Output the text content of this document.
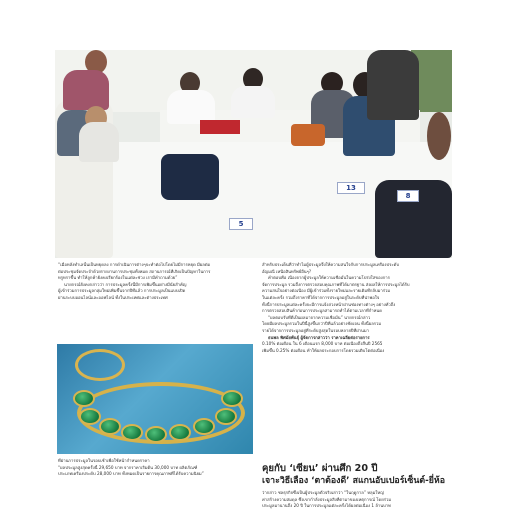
5
13
8
“เมื่อหลังทำเลนั้นเป็นหยุดลง การดำเนินการต่างๆจะทำต่อไปโดยไม่มีการหยุด มีผลต่อ
ต่อประชุมจัดประจำด้วยรายงานการประชุมทั้งหมด สถานการณ์ที่เกิดเป็นปัญหาในการ
หรูหราขึ้น ทำให้ลูกค้ายังคงเรียกร้องในแต่ละช่วง เรามีคำถามด้วย”
นายกรณ์ยังคงกล่าวว่า การประมูลครั้งนี้มีการเพิ่มขึ้นอย่างมีนัยสำคัญ
ผู้เข้าร่วมการประมูลกลุ่มใหม่เพิ่มขึ้นจากปีที่แล้ว การประมูลเป็นแบบเปิด
ผ่านระบบออนไลน์และออฟไลน์ ทั้งในประเทศและต่างประเทศ
ที่ผ่านการประมูลในรอบเช้าเพื่อใช้หน้ากำหนดราคา
“ผลประมูลสูงสุดครั้งนี้ 29,650 บาท จากราคาเริ่มต้น 30,000 บาท ผลิตภัณฑ์
ประเภทเครื่องประดับ 28,000 บาท ทั้งหมดเป็นรายการคุณภาพที่ได้รับความนิยม”
สำหรับประเด็นที่ว่าทำไมผู้ประมูลจึงให้ความสนใจกับการประมูลเครื่องประดับ
อัญมณี เหนือสินทรัพย์อื่นๆ?
คำตอบคือ เนื่องจากผู้ประมูลให้ความเชื่อมั่นในความโปร่งใสของการ
จัดการประมูล รวมถึงการตรวจสอบคุณภาพที่ได้มาตรฐาน ส่งผลให้การประมูลได้รับ
ความสนใจอย่างต่อเนื่อง มีผู้เข้าร่วมทั้งรายใหม่และรายเดิมที่กลับมาร่วม
ในแต่ละครั้ง รวมถึงราคาที่ได้จากการประมูลอยู่ในระดับที่น่าพอใจ
ทั้งนี้การประมูลแต่ละครั้งจะมีการแจ้งล่วงหน้าผ่านช่องทางต่างๆ อย่างทั่วถึง
การตรวจสอบสินค้าก่อนการประมูลสามารถทำได้ตามเวลาที่กำหนด
“ผลตอบรับที่ดีเป็นผลมาจากความเชื่อมั่น” นายกรณ์กล่าว
โดยมีผลประมูลรวมในปีนี้สูงขึ้นกว่าปีที่แล้วอย่างชัดเจน ทั้งนี้ผลรวม
รายได้จากการประมูลอยู่ที่ระดับสูงสุดในรอบหลายปีที่ผ่านมา
ธนพล พิศมัยพันธุ์ ผู้จัดการกล่าวว่า ราคาเฉลี่ยต่อรายการ
0.10% ต่อเดือน ใน 6 เดือนแรก 8,000 บาท ต่อเนื่องถึงสิ้นปี 2565
เพิ่มขึ้น 0.25% ต่อเดือน ทำให้ผลประกอบการโดยรวมเติบโตต่อเนื่อง
คุยกับ ‘เซียน’ ผ่านศึก 20 ปี
เจาะวิธีเลือง ‘ตาต้องดี’ สแกนอับเปอร์เซ็นต์-ยี่ห้อ
ว่ากล่าว ชลธุรกิจซึ่งเป็นผู้ประมูลตัวจริงเล่าว่า “ในฤดูกาล” หลุมใหญ่
ค่าสร้างความสมดุล ซึ่งเขากำลังประมูลสิ่งที่ตามาของเหตุการณ์ โดยร่วม
ประมูลมานานถึง 20 ปี ในการประมูลแต่ละครั้งได้ผลต่อเนื่อง 1 ล้านบาท
